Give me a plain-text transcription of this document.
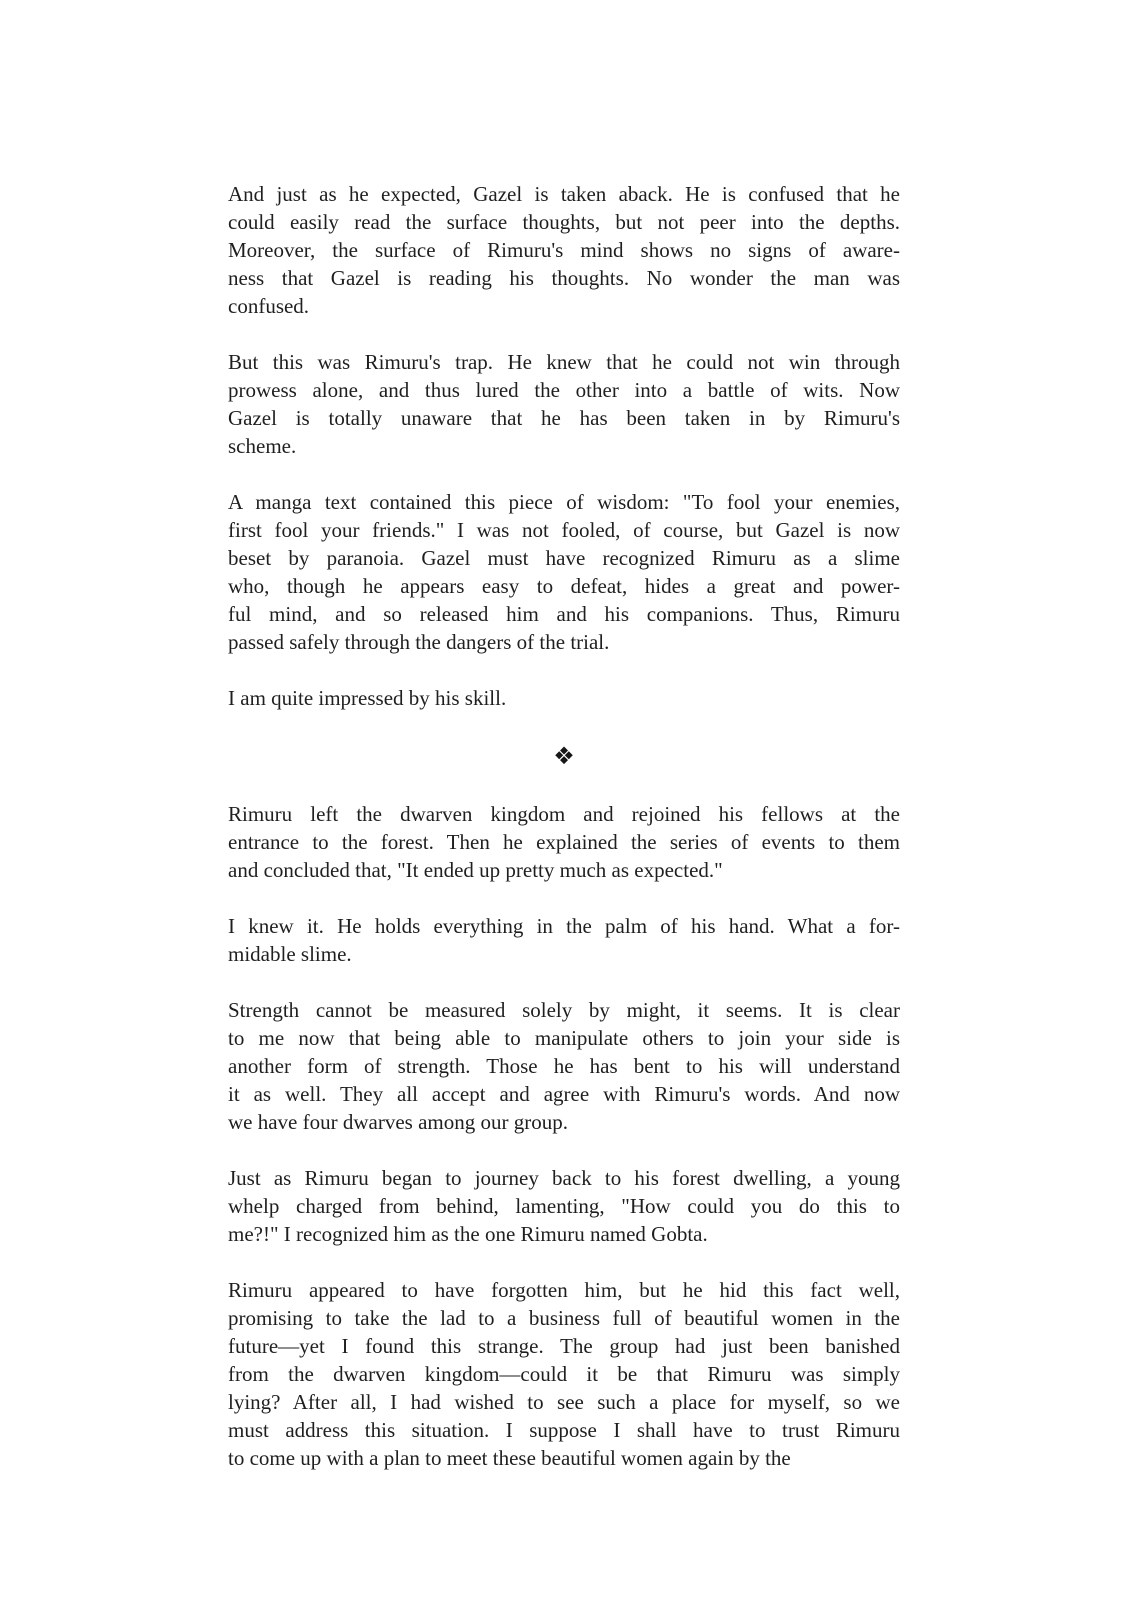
And just as he expected, Gazel is taken aback. He is confused that he
could easily read the surface thoughts, but not peer into the depths.
Moreover, the surface of Rimuru's mind shows no signs of aware-
ness that Gazel is reading his thoughts. No wonder the man was
confused.
But this was Rimuru's trap. He knew that he could not win through
prowess alone, and thus lured the other into a battle of wits. Now
Gazel is totally unaware that he has been taken in by Rimuru's
scheme.
A manga text contained this piece of wisdom: "To fool your enemies,
first fool your friends." I was not fooled, of course, but Gazel is now
beset by paranoia. Gazel must have recognized Rimuru as a slime
who, though he appears easy to defeat, hides a great and power-
ful mind, and so released him and his companions. Thus, Rimuru
passed safely through the dangers of the trial.
I am quite impressed by his skill.
❖
Rimuru left the dwarven kingdom and rejoined his fellows at the
entrance to the forest. Then he explained the series of events to them
and concluded that, "It ended up pretty much as expected."
I knew it. He holds everything in the palm of his hand. What a for-
midable slime.
Strength cannot be measured solely by might, it seems. It is clear
to me now that being able to manipulate others to join your side is
another form of strength. Those he has bent to his will understand
it as well. They all accept and agree with Rimuru's words. And now
we have four dwarves among our group.
Just as Rimuru began to journey back to his forest dwelling, a young
whelp charged from behind, lamenting, "How could you do this to
me?!" I recognized him as the one Rimuru named Gobta.
Rimuru appeared to have forgotten him, but he hid this fact well,
promising to take the lad to a business full of beautiful women in the
future—yet I found this strange. The group had just been banished
from the dwarven kingdom—could it be that Rimuru was simply
lying? After all, I had wished to see such a place for myself, so we
must address this situation. I suppose I shall have to trust Rimuru
to come up with a plan to meet these beautiful women again by the
